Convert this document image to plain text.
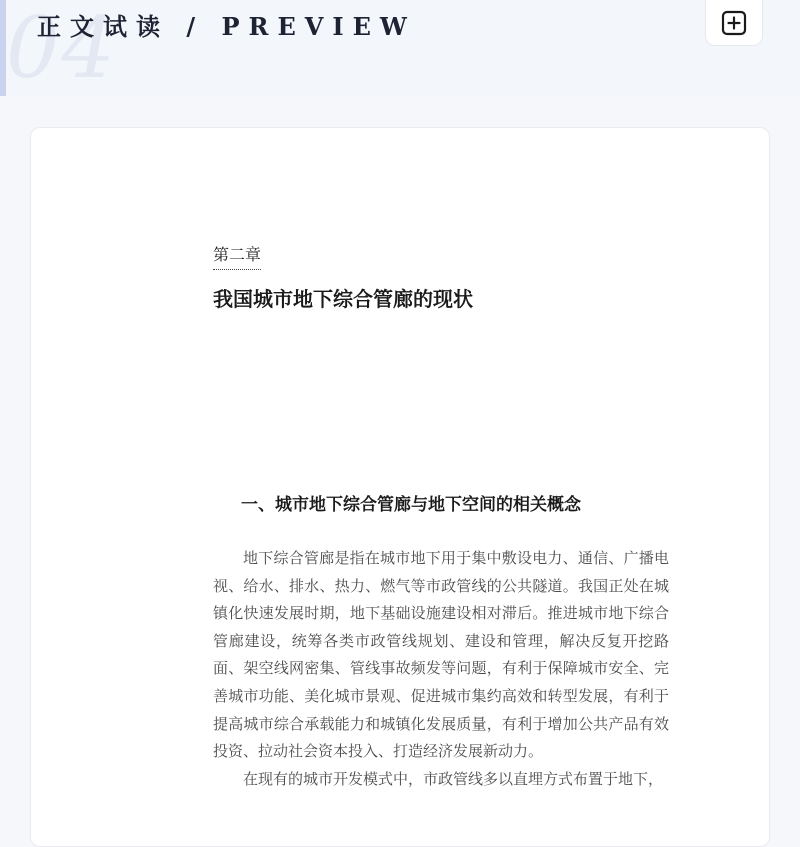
04
正文试读 / PREVIEW
第二章
我国城市地下综合管廊的现状
一、城市地下综合管廊与地下空间的相关概念

地下综合管廊是指在城市地下用于集中敷设电力、通信、广播电视、给水、排水、热力、燃气等市政管线的公共隧道。我国正处在城镇化快速发展时期，地下基础设施建设相对滞后。推进城市地下综合管廊建设，统筹各类市政管线规划、建设和管理，解决反复开挖路面、架空线网密集、管线事故频发等问题，有利于保障城市安全、完善城市功能、美化城市景观、促进城市集约高效和转型发展，有利于提高城市综合承载能力和城镇化发展质量，有利于增加公共产品有效投资、拉动社会资本投入、打造经济发展新动力。

在现有的城市开发模式中，市政管线多以直埋方式布置于地下，
